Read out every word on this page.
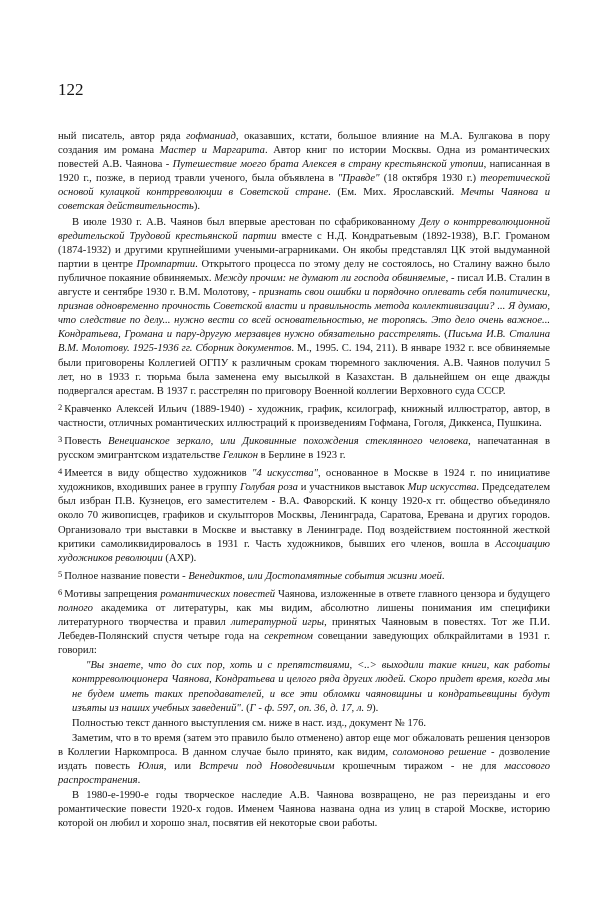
122

ный писатель, автор ряда гофманиад, оказавших, кстати, большое влияние на М.А. Булгакова в пору создания им романа Мастер и Маргарита. Автор книг по истории Москвы. Одна из романтических повестей А.В. Чаянова - Путешествие моего брата Алексея в страну крестьянской утопии, написанная в 1920 г., позже, в период травли ученого, была объявлена в "Правде" (18 октября 1930 г.) теоретической основой кулацкой контрреволюции в Советской стране. (Ем. Мих. Ярославский. Мечты Чаянова и советская действительность).

В июле 1930 г. А.В. Чаянов был впервые арестован по сфабрикованному Делу о контрреволюционной вредительской Трудовой крестьянской партии вместе с Н.Д. Кондратьевым (1892-1938), В.Г. Громаном (1874-1932) и другими крупнейшими учеными-аграрниками. Он якобы представлял ЦК этой выдуманной партии в центре Промпартии. Открытого процесса по этому делу не состоялось, но Сталину важно было публичное покаяние обвиняемых. Между прочим: не думают ли господа обвиняемые, - писал И.В. Сталин в августе и сентябре 1930 г. В.М. Молотову, - признать свои ошибки и порядочно оплевать себя политически, признав одновременно прочность Советской власти и правильность метода коллективизации? ... Я думаю, что следствие по делу... нужно вести со всей основательностью, не торопясь. Это дело очень важное... Кондратьева, Громана и пару-другую мерзавцев нужно обязательно расстрелять. (Письма И.В. Сталина В.М. Молотову. 1925-1936 гг. Сборник документов. М., 1995. С. 194, 211). В январе 1932 г. все обвиняемые были приговорены Коллегией ОГПУ к различным срокам тюремного заключения. А.В. Чаянов получил 5 лет, но в 1933 г. тюрьма была заменена ему высылкой в Казахстан. В дальнейшем он еще дважды подвергался арестам. В 1937 г. расстрелян по приговору Военной коллегии Верховного суда СССР.

$^2$ Кравченко Алексей Ильич (1889-1940) - художник, график, ксилограф, книжный иллюстратор, автор, в частности, отличных романтических иллюстраций к произведениям Гофмана, Гоголя, Диккенса, Пушкина.

$^3$ Повесть Венецианское зеркало, или Диковинные похождения стеклянного человека, напечатанная в русском эмигрантском издательстве Геликон в Берлине в 1923 г.

$^4$ Имеется в виду общество художников "4 искусства", основанное в Москве в 1924 г. по инициативе художников, входивших ранее в группу Голубая роза и участников выставок Мир искусства. Председателем был избран П.В. Кузнецов, его заместителем - В.А. Фаворский. К концу 1920-х гг. общество объединяло около 70 живописцев, графиков и скульпторов Москвы, Ленинграда, Саратова, Еревана и других городов. Организовало три выставки в Москве и выставку в Ленинграде. Под воздействием постоянной жесткой критики самоликвидировалось в 1931 г. Часть художников, бывших его членов, вошла в Ассоциацию художников революции (АХР).

$^5$ Полное название повести - Венедиктов, или Достопамятные события жизни моей.

$^6$ Мотивы запрещения романтических повестей Чаянова, изложенные в ответе главного цензора и будущего полного академика от литературы, как мы видим, абсолютно лишены понимания им специфики литературного творчества и правил литературной игры, принятых Чаяновым в повестях. Тот же П.И. Лебедев-Полянский спустя четыре года на секретном совещании заведующих облкрайлитами в 1931 г. говорил:

"Вы знаете, что до сих пор, хоть и с препятствиями, <..> выходили такие книги, как работы контрреволюционера Чаянова, Кондратьева и целого ряда других людей. Скоро придет время, когда мы не будем иметь таких преподавателей, и все эти обломки чаяновщины и кондратьевщины будут изъяты из наших учебных заведений". (Г - ф. 597, оп. 36, д. 17, л. 9).

Полностью текст данного выступления см. ниже в наст. изд., документ № 176.

Заметим, что в то время (затем это правило было отменено) автор еще мог обжаловать решения цензоров в Коллегии Наркомпроса. В данном случае было принято, как видим, соломоново решение - дозволение издать повесть Юлия, или Встречи под Новодевичьим крошечным тиражом - не для массового распространения.

В 1980-е-1990-е годы творческое наследие А.В. Чаянова возвращено, не раз переизданы и его романтические повести 1920-х годов. Именем Чаянова названа одна из улиц в старой Москве, историю которой он любил и хорошо знал, посвятив ей некоторые свои работы.
